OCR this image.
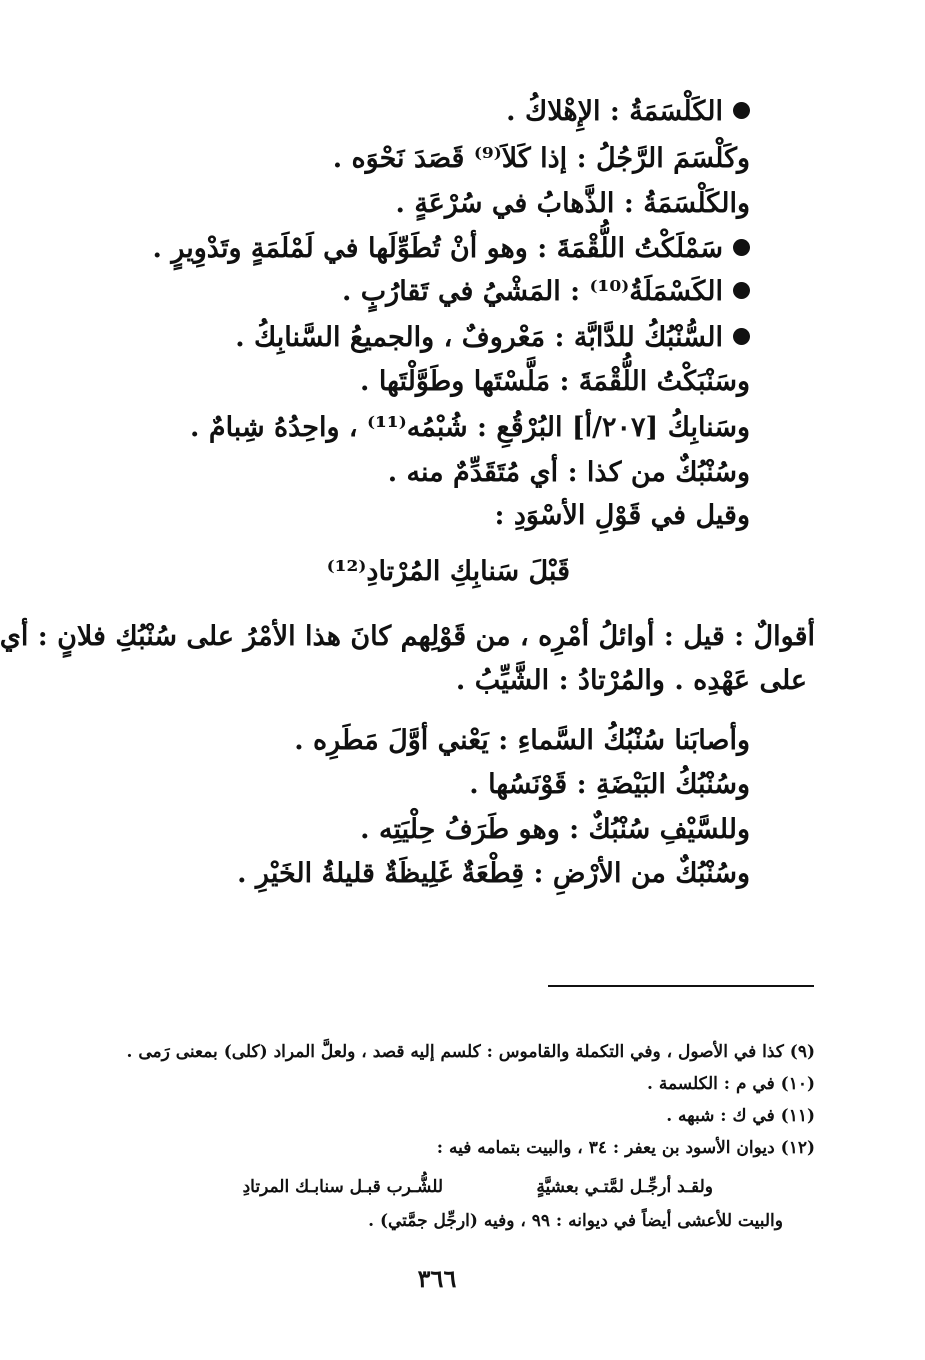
الكَلْسَمَةُ : الإِهْلاكُ .
وكَلْسَمَ الرَّجُلُ : إذا كَلاَ⁽⁹⁾ قَصَدَ نَحْوَه .
والكَلْسَمَةُ : الذَّهابُ في سُرْعَةٍ .
سَمْلَكْتُ اللُّقْمَةَ : وهو أنْ تُطَوِّلَها في لَمْلَمَةٍ وتَدْوِيرٍ .
الكَسْمَلَةُ⁽¹⁰⁾ : المَشْيُ في تَقارُبٍ .
السُّنْبُكُ للدَّابَّة : مَعْروفٌ ، والجميعُ السَّنابِكُ .
وسَنْبَكْتُ اللُّقْمَةَ : مَلَّسْتَها وطَوَّلْتَها .
وسَنابِكُ [٢٠٧/أ] البُرْقُعِ : شُبْمُه⁽¹¹⁾ ، واحِدُهُ شِبامٌ .
وسُنْبُكٌ من كذا : أي مُتَقَدِّمٌ منه .
وقيل في قَوْلِ الأسْوَدِ :
قَبْلَ سَنابِكِ المُرْتادِ⁽¹²⁾
أقوالٌ : قيل : أوائلُ أمْرِه ، من قَوْلِهم كانَ هذا الأمْرُ على سُنْبُكِ فلانٍ : أي
على عَهْدِه . والمُرْتادُ : الشَّيِّبُ .
وأصابَنا سُنْبُكُ السَّماءِ : يَعْني أوَّلَ مَطَرِه .
وسُنْبُكُ البَيْضَةِ : قَوْنَسُها .
وللسَّيْفِ سُنْبُكٌ : وهو طَرَفُ حِلْيَتِه .
وسُنْبُكٌ من الأرْضِ : قِطْعَةٌ غَلِيظَةٌ قليلةُ الخَيْرِ .
(٩) كذا في الأصول ، وفي التكملة والقاموس : كلسم إليه قصد ، ولعلَّ المراد (كلى) بمعنى رَمى .
(١٠) في م : الكلسمة .
(١١) في ك : شبهه .
(١٢) ديوان الأسود بن يعفر : ٣٤ ، والبيت بتمامه فيه :
ولقـد أرجِّـل لمَّتـي بعشيَّةٍ
للشُّـرب قبـل سنابـك المرتادِ
والبيت للأعشى أيضاً في ديوانه : ٩٩ ، وفيه (ارجِّل جمَّتي) .
٣٦٦
